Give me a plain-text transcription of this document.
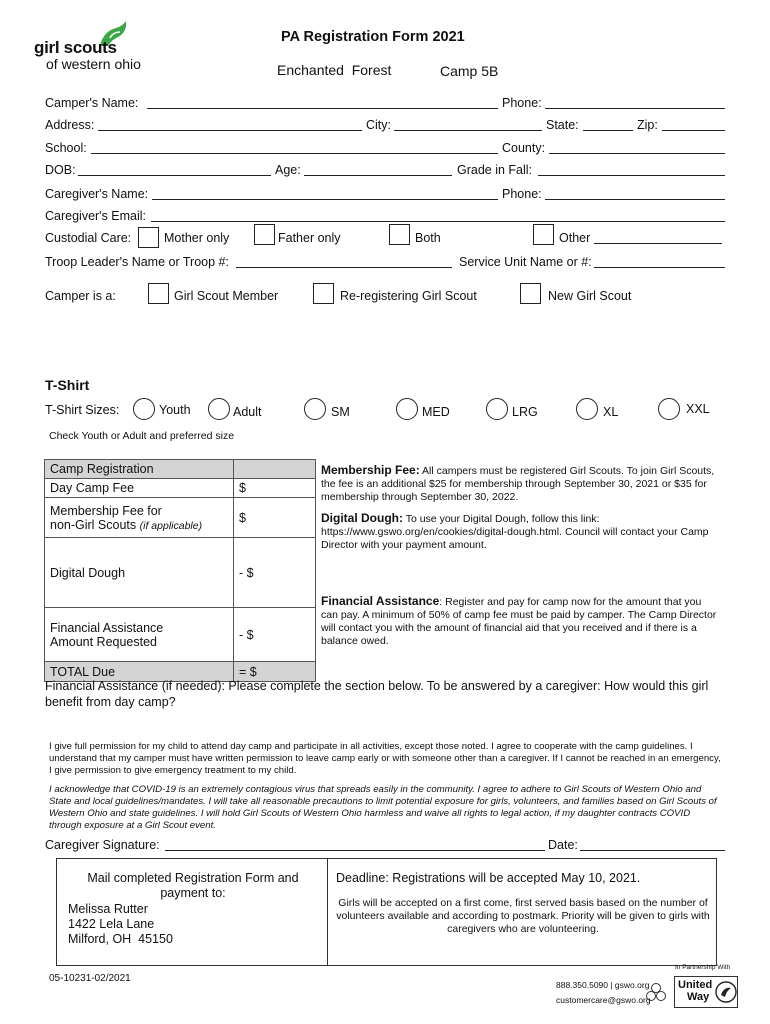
girl scouts
of western ohio
PA Registration Form 2021
Enchanted  Forest	Camp 5B
Camper's Name:	Phone:
Address:	City:	State:	Zip:
School:	County:
DOB:	Age:	Grade in Fall:
Caregiver's Name:	Phone:
Caregiver's Email:
Custodial Care:	Mother only	Father only	Both	Other
Troop Leader's Name or Troop #:	Service Unit Name or #:
Camper is a:	Girl Scout Member	Re-registering Girl Scout	New Girl Scout
T-Shirt
T-Shirt Sizes:	Youth	Adult	SM	MED	LRG	XL	XXL
Check Youth or Adult and preferred size
Camp Registration	
Day Camp Fee	$

Membership Fee for
non-Girl Scouts (if applicable)	$
Digital Dough	- $

Financial Assistance
Amount Requested	- $
TOTAL Due	= $
Membership Fee: All campers must be registered Girl Scouts. To join Girl Scouts, the fee is an additional $25 for membership through September 30, 2021 or $35 for membership through September 30, 2022.
Digital Dough: To use your Digital Dough, follow this link: https://www.gswo.org/en/cookies/digital-dough.html. Council will contact your Camp Director with your payment amount.
Financial Assistance: Register and pay for camp now for the amount that you can pay. A minimum of 50% of camp fee must be paid by camper. The Camp Director will contact you with the amount of financial aid that you received and if there is a balance owed.
Financial Assistance (if needed): Please complete the section below. To be answered by a caregiver: How would this girl benefit from day camp?
I give full permission for my child to attend day camp and participate in all activities, except those noted. I agree to cooperate with the camp guidelines. I understand that my camper must have written permission to leave camp early or with someone other than a caregiver. If I cannot be reached in an emergency, I give permission to give emergency treatment to my child.
I acknowledge that COVID-19 is an extremely contagious virus that spreads easily in the community. I agree to adhere to Girl Scouts of Western Ohio and State and local guidelines/mandates. I will take all reasonable precautions to limit potential exposure for girls, volunteers, and families based on Girl Scouts of Western Ohio and state guidelines. I will hold Girl Scouts of Western Ohio harmless and waive all rights to legal action, if my daughter contracts COVID through exposure at a Girl Scout event.
Caregiver Signature:	Date:
Mail completed Registration Form and
payment to:
Melissa Rutter
1422 Lela Lane
Milford, OH  45150
Deadline: Registrations will be accepted May 10, 2021.
Girls will be accepted on a first come, first served basis based on the number of volunteers available and according to postmark. Priority will be given to girls with caregivers who are volunteering.
05-10231-02/2021
In Partnership With
888.350.5090 | gswo.org
customercare@gswo.org
United
Way
